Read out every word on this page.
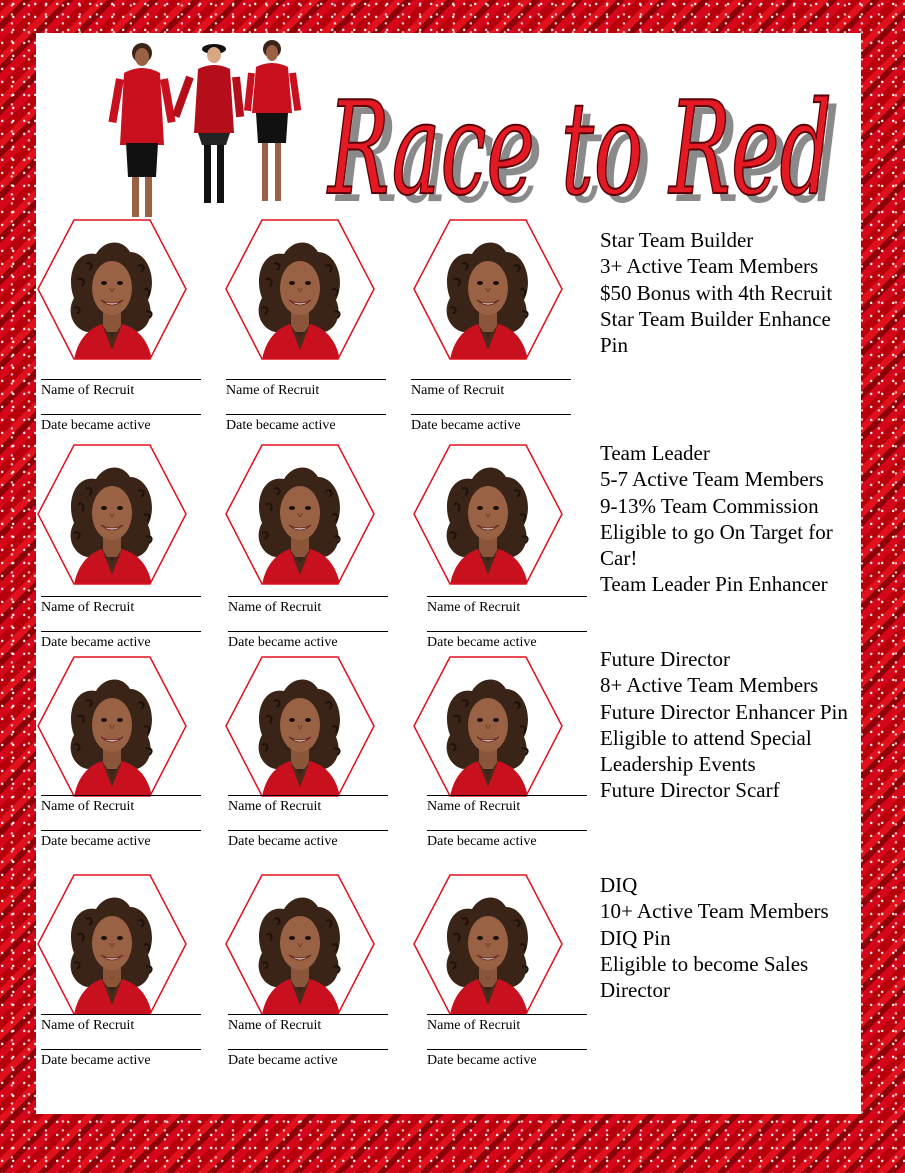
Race to Red
Race to Red
Name of Recruit
Date became active
Name of Recruit
Date became active
Name of Recruit
Date became active
Name of Recruit
Date became active
Name of Recruit
Date became active
Name of Recruit
Date became active
Name of Recruit
Date became active
Name of Recruit
Date became active
Name of Recruit
Date became active
Name of Recruit
Date became active
Name of Recruit
Date became active
Name of Recruit
Date became active
Star Team Builder
3+ Active Team Members
$50 Bonus with 4th Recruit
Star Team Builder Enhance Pin
Team Leader
5-7 Active Team Members
9-13% Team Commission
Eligible to go On Target for Car!
Team Leader Pin Enhancer
Future Director
8+ Active Team Members
Future Director Enhancer Pin
Eligible to attend Special Leadership Events
Future Director Scarf
DIQ
10+ Active Team Members
DIQ Pin
Eligible to become Sales Director
